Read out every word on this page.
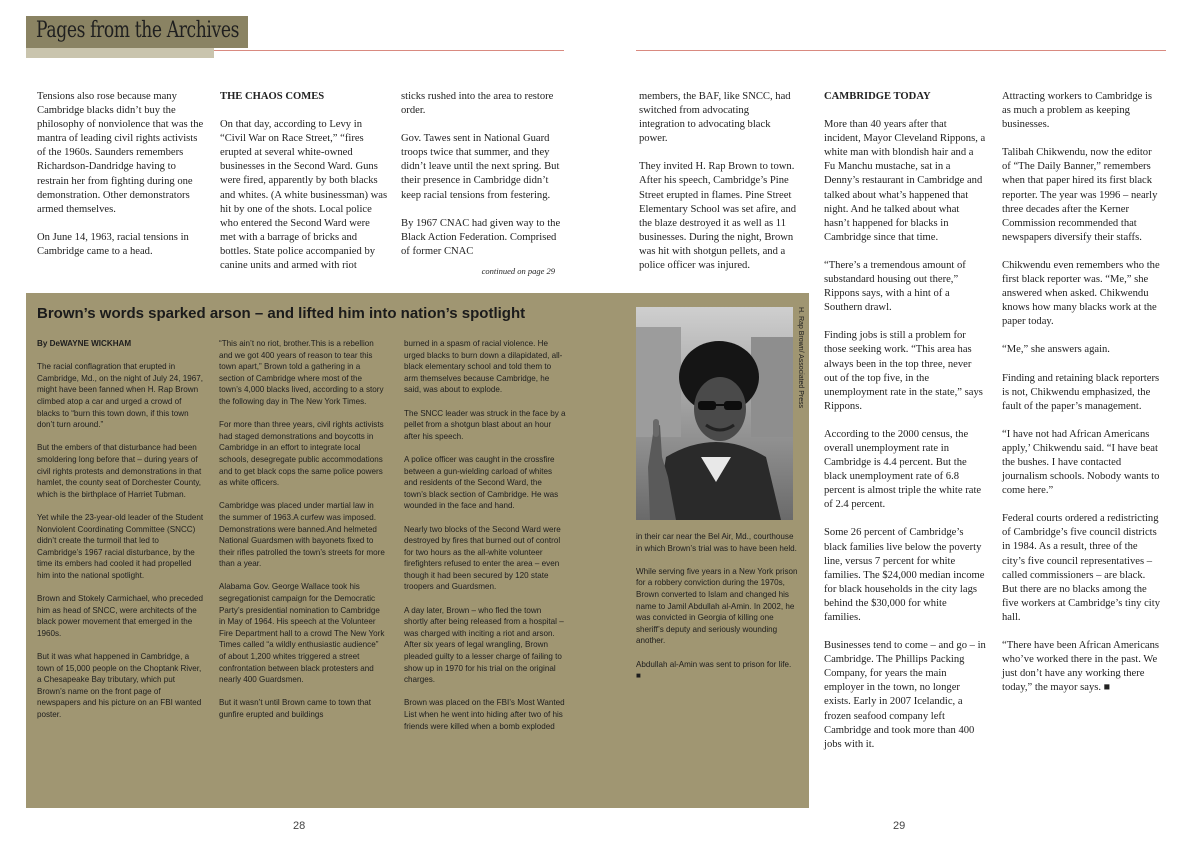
Pages from the Archives

Tensions also rose because many Cambridge blacks didn’t buy the philosophy of nonviolence that was the mantra of leading civil rights activists of the 1960s. Saunders remembers Richardson-Dandridge having to restrain her from fighting during one demonstration. Other demonstrators armed themselves.

On June 14, 1963, racial tensions in Cambridge came to a head.

THE CHAOS COMES

On that day, according to Levy in “Civil War on Race Street,” “fires erupted at several white-owned businesses in the Second Ward. Guns were fired, apparently by both blacks and whites. (A white businessman) was hit by one of the shots. Local police who entered the Second Ward were met with a barrage of bricks and bottles. State police accompanied by canine units and armed with riot

sticks rushed into the area to restore order.

Gov. Tawes sent in National Guard troops twice that summer, and they didn’t leave until the next spring. But their presence in Cambridge didn’t keep racial tensions from festering.

By 1967 CNAC had given way to the Black Action Federation. Comprised of former CNAC

continued on page 29

members, the BAF, like SNCC, had switched from advocating integration to advocating black power.

They invited H. Rap Brown to town. After his speech, Cambridge’s Pine Street erupted in flames. Pine Street Elementary School was set afire, and the blaze destroyed it as well as 11 businesses. During the night, Brown was hit with shotgun pellets, and a police officer was injured.

Brown’s words sparked arson – and lifted him into nation’s spotlight

By DeWAYNE WICKHAM

The racial conflagration that erupted in Cambridge, Md., on the night of July 24, 1967, might have been fanned when H. Rap Brown climbed atop a car and urged a crowd of blacks to “burn this town down, if this town don’t turn around.”

But the embers of that disturbance had been smoldering long before that – during years of civil rights protests and demonstrations in that hamlet, the county seat of Dorchester County, which is the birthplace of Harriet Tubman.

Yet while the 23-year-old leader of the Student Nonviolent Coordinating Committee (SNCC) didn’t create the turmoil that led to Cambridge’s 1967 racial disturbance, by the time its embers had cooled it had propelled him into the national spotlight.

Brown and Stokely Carmichael, who preceded him as head of SNCC, were architects of the black power movement that emerged in the 1960s.

But it was what happened in Cambridge, a town of 15,000 people on the Choptank River, a Chesapeake Bay tributary, which put Brown’s name on the front page of newspapers and his picture on an FBI wanted poster.

“This ain’t no riot, brother.This is a rebellion and we got 400 years of reason to tear this town apart,” Brown told a gathering in a section of Cambridge where most of the town’s 4,000 blacks lived, according to a story the following day in The New York Times.

For more than three years, civil rights activists had staged demonstrations and boycotts in Cambridge in an effort to integrate local schools, desegregate public accommodations and to get black cops the same police powers as white officers.

Cambridge was placed under martial law in the summer of 1963.A curfew was imposed. Demonstrations were banned.And helmeted National Guardsmen with bayonets fixed to their rifles patrolled the town’s streets for more than a year.

Alabama Gov. George Wallace took his segregationist campaign for the Democratic Party’s presidential nomination to Cambridge in May of 1964. His speech at the Volunteer Fire Department hall to a crowd The New York Times called “a wildly enthusiastic audience” of about 1,200 whites triggered a street confrontation between black protesters and nearly 400 Guardsmen.

But it wasn’t until Brown came to town that gunfire erupted and buildings

burned in a spasm of racial violence. He urged blacks to burn down a dilapidated, all-black elementary school and told them to arm themselves because Cambridge, he said, was about to explode.

The SNCC leader was struck in the face by a pellet from a shotgun blast about an hour after his speech.

A police officer was caught in the crossfire between a gun-wielding carload of whites and residents of the Second Ward, the town’s black section of Cambridge. He was wounded in the face and hand.

Nearly two blocks of the Second Ward were destroyed by fires that burned out of control for two hours as the all-white volunteer firefighters refused to enter the area – even though it had been secured by 120 state troopers and Guardsmen.

A day later, Brown – who fled the town shortly after being released from a hospital – was charged with inciting a riot and arson. After six years of legal wrangling, Brown pleaded guilty to a lesser charge of failing to show up in 1970 for his trial on the original charges.

Brown was placed on the FBI’s Most Wanted List when he went into hiding after two of his friends were killed when a bomb exploded

H. Rap Brown/ Associated Press

in their car near the Bel Air, Md., courthouse in which Brown’s trial was to have been held.

While serving five years in a New York prison for a robbery conviction during the 1970s, Brown converted to Islam and changed his name to Jamil Abdullah al-Amin. In 2002, he was convicted in Georgia of killing one sheriff’s deputy and seriously wounding another.

Abdullah al-Amin was sent to prison for life. ■

CAMBRIDGE TODAY

More than 40 years after that incident, Mayor Cleveland Rippons, a white man with blondish hair and a Fu Manchu mustache, sat in a Denny’s restaurant in Cambridge and talked about what’s happened that night. And he talked about what hasn’t happened for blacks in Cambridge since that time.

“There’s a tremendous amount of substandard housing out there,” Rippons says, with a hint of a Southern drawl.

Finding jobs is still a problem for those seeking work. “This area has always been in the top three, never out of the top five, in the unemployment rate in the state,” says Rippons.

According to the 2000 census, the overall unemployment rate in Cambridge is 4.4 percent. But the black unemployment rate of 6.8 percent is almost triple the white rate of 2.4 percent.

Some 26 percent of Cambridge’s black families live below the poverty line, versus 7 percent for white families. The $24,000 median income for black households in the city lags behind the $30,000 for white families.

Businesses tend to come – and go – in Cambridge. The Phillips Packing Company, for years the main employer in the town, no longer exists. Early in 2007 Icelandic, a frozen seafood company left Cambridge and took more than 400 jobs with it.

Attracting workers to Cambridge is as much a problem as keeping businesses.

Talibah Chikwendu, now the editor of “The Daily Banner,” remembers when that paper hired its first black reporter. The year was 1996 – nearly three decades after the Kerner Commission recommended that newspapers diversify their staffs.

Chikwendu even remembers who the first black reporter was. “Me,” she answered when asked. Chikwendu knows how many blacks work at the paper today.

“Me,” she answers again.

Finding and retaining black reporters is not, Chikwendu emphasized, the fault of the paper’s management.

“I have not had African Americans apply,’ Chikwendu said. “I have beat the bushes. I have contacted journalism schools. Nobody wants to come here.”

Federal courts ordered a redistricting of Cambridge’s five council districts in 1984. As a result, three of the city’s five council representatives – called commissioners – are black. But there are no blacks among the five workers at Cambridge’s tiny city hall.

“There have been African Americans who’ve worked there in the past. We just don’t have any working there today,” the mayor says. ■

28	29
